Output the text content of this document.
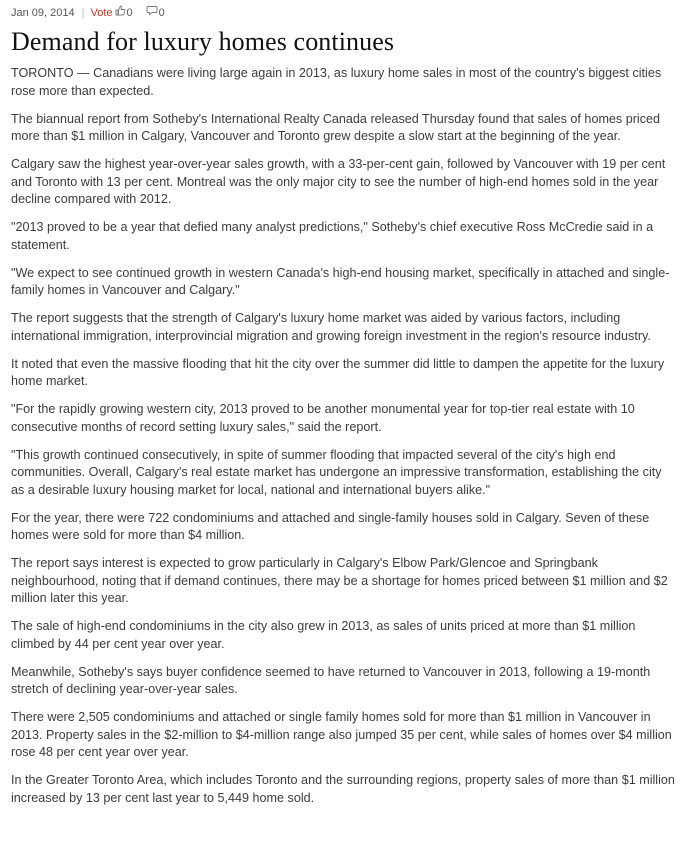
Jan 09, 2014 | Vote	0 0
Demand for luxury homes continues

TORONTO — Canadians were living large again in 2013, as luxury home sales in most of the country's biggest cities rose more than expected.

The biannual report from Sotheby's International Realty Canada released Thursday found that sales of homes priced more than $1 million in Calgary, Vancouver and Toronto grew despite a slow start at the beginning of the year.

Calgary saw the highest year-over-year sales growth, with a 33-per-cent gain, followed by Vancouver with 19 per cent and Toronto with 13 per cent. Montreal was the only major city to see the number of high-end homes sold in the year decline compared with 2012.

"2013 proved to be a year that defied many analyst predictions," Sotheby's chief executive Ross McCredie said in a statement.

"We expect to see continued growth in western Canada's high-end housing market, specifically in attached and single-family homes in Vancouver and Calgary."

The report suggests that the strength of Calgary's luxury home market was aided by various factors, including international immigration, interprovincial migration and growing foreign investment in the region's resource industry.

It noted that even the massive flooding that hit the city over the summer did little to dampen the appetite for the luxury home market.

"For the rapidly growing western city, 2013 proved to be another monumental year for top-tier real estate with 10 consecutive months of record setting luxury sales," said the report.

"This growth continued consecutively, in spite of summer flooding that impacted several of the city's high end communities. Overall, Calgary's real estate market has undergone an impressive transformation, establishing the city as a desirable luxury housing market for local, national and international buyers alike."

For the year, there were 722 condominiums and attached and single-family houses sold in Calgary. Seven of these homes were sold for more than $4 million.

The report says interest is expected to grow particularly in Calgary's Elbow Park/Glencoe and Springbank neighbourhood, noting that if demand continues, there may be a shortage for homes priced between $1 million and $2 million later this year.

The sale of high-end condominiums in the city also grew in 2013, as sales of units priced at more than $1 million climbed by 44 per cent year over year.

Meanwhile, Sotheby's says buyer confidence seemed to have returned to Vancouver in 2013, following a 19-month stretch of declining year-over-year sales.

There were 2,505 condominiums and attached or single family homes sold for more than $1 million in Vancouver in 2013. Property sales in the $2-million to $4-million range also jumped 35 per cent, while sales of homes over $4 million rose 48 per cent year over year.

In the Greater Toronto Area, which includes Toronto and the surrounding regions, property sales of more than $1 million increased by 13 per cent last year to 5,449 home sold.
